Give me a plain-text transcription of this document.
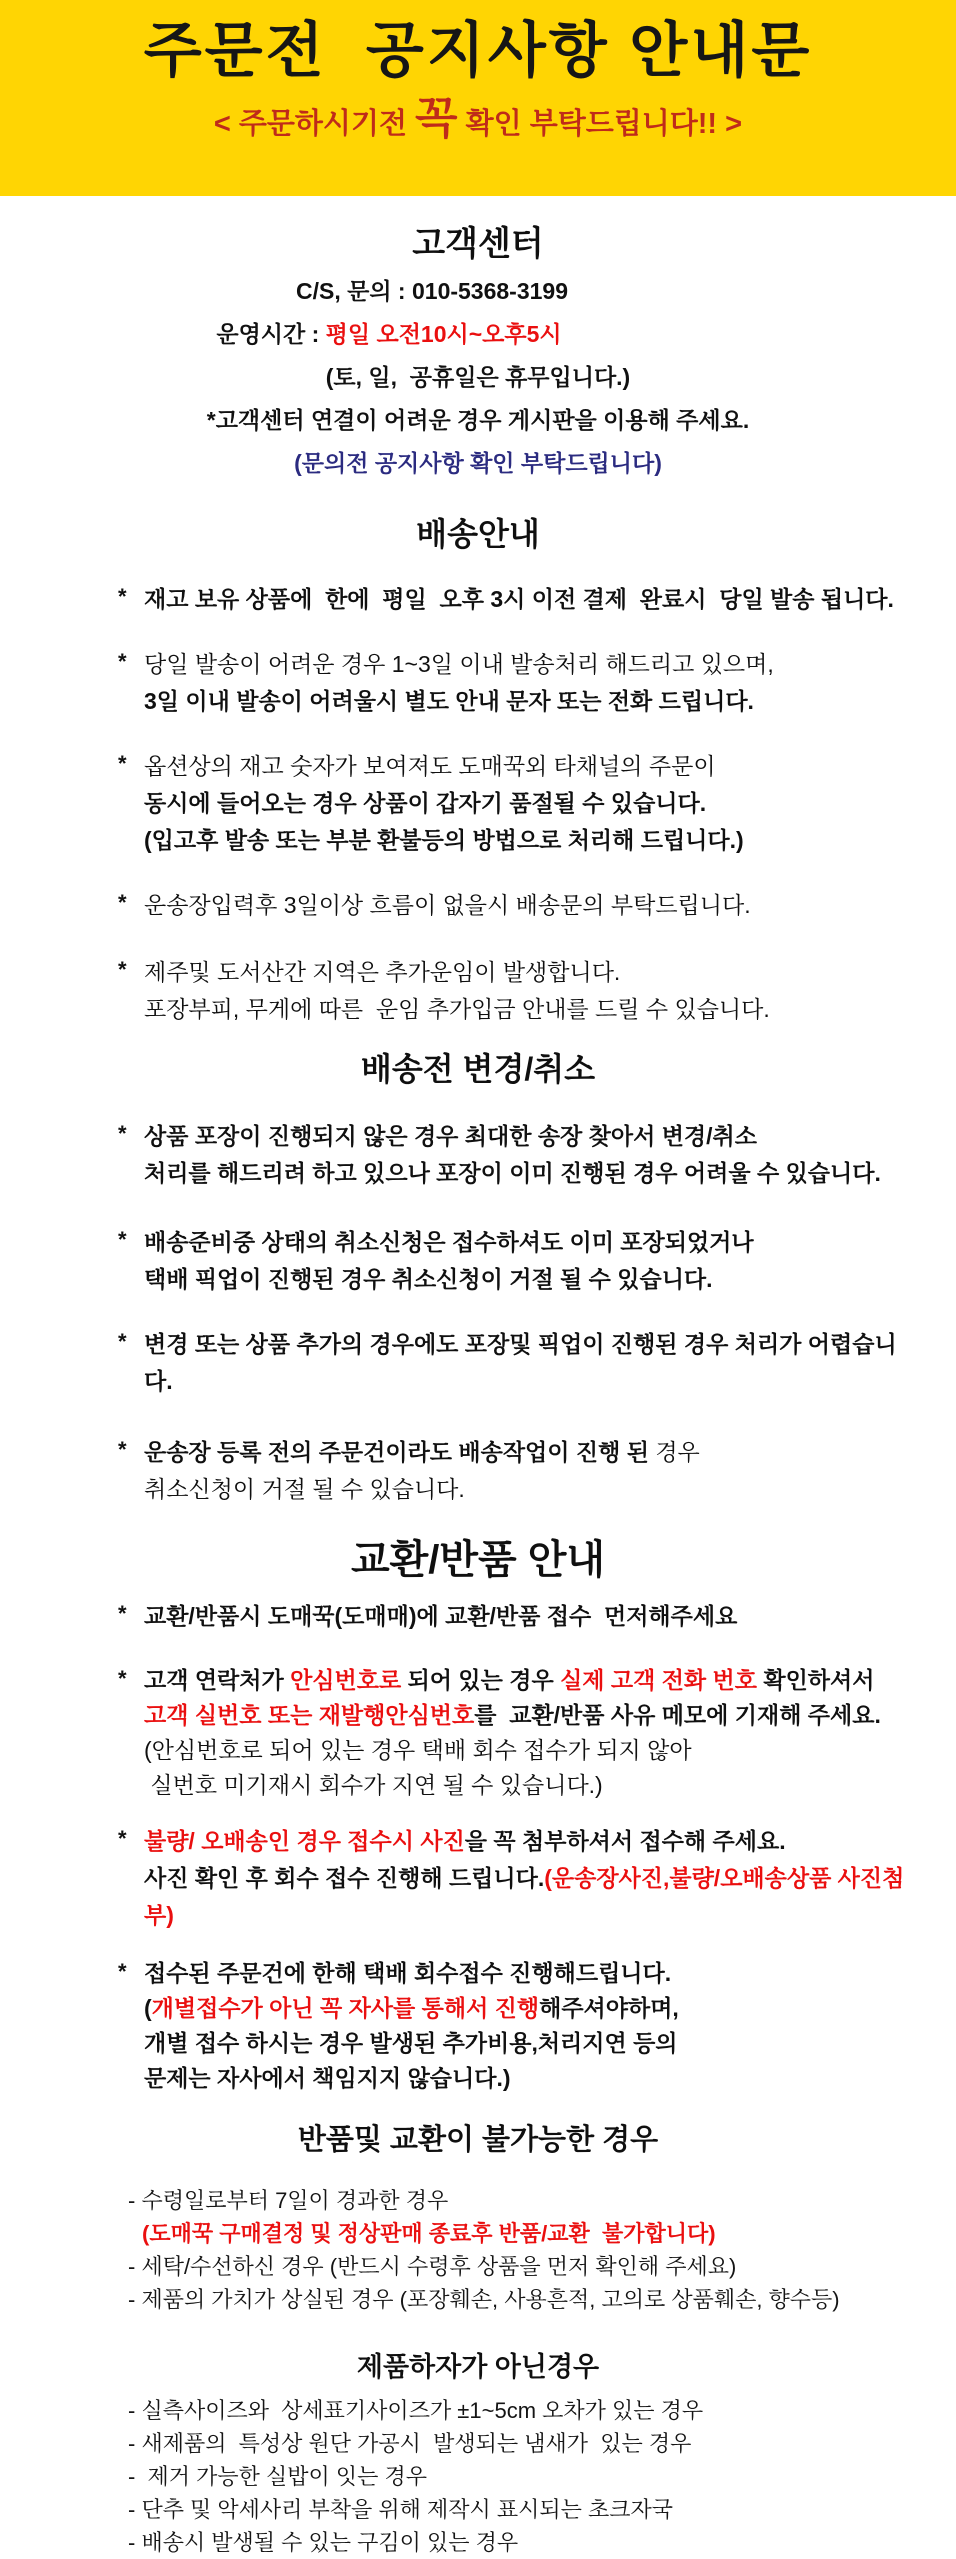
주문전  공지사항 안내문
< 주문하시기전 꼭 확인 부탁드립니다!! >
고객센터
C/S, 문의 : 010-5368-3199
운영시간 : 평일 오전10시~오후5시
(토, 일,  공휴일은 휴무입니다.)
*고객센터 연결이 어려운 경우 게시판을 이용해 주세요.
(문의전 공지사항 확인 부탁드립니다)
배송안내
* 재고 보유 상품에  한에  평일  오후 3시 이전 결제  완료시  당일 발송 됩니다.
* 당일 발송이 어려운 경우 1~3일 이내 발송처리 해드리고 있으며,
3일 이내 발송이 어려울시 별도 안내 문자 또는 전화 드립니다.
* 옵션상의 재고 숫자가 보여져도 도매꾹외 타채널의 주문이
동시에 들어오는 경우 상품이 갑자기 품절될 수 있습니다.
(입고후 발송 또는 부분 환불등의 방법으로 처리해 드립니다.)
* 운송장입력후 3일이상 흐름이 없을시 배송문의 부탁드립니다.
* 제주및 도서산간 지역은 추가운임이 발생합니다.
포장부피, 무게에 따른  운임 추가입금 안내를 드릴 수 있습니다.
배송전 변경/취소
* 상품 포장이 진행되지 않은 경우 최대한 송장 찾아서 변경/취소
처리를 해드리려 하고 있으나 포장이 이미 진행된 경우 어려울 수 있습니다.
* 배송준비중 상태의 취소신청은 접수하셔도 이미 포장되었거나
택배 픽업이 진행된 경우 취소신청이 거절 될 수 있습니다.
* 변경 또는 상품 추가의 경우에도 포장및 픽업이 진행된 경우 처리가 어렵습니다.
* 운송장 등록 전의 주문건이라도 배송작업이 진행 된 경우
취소신청이 거절 될 수 있습니다.
교환/반품 안내
* 교환/반품시 도매꾹(도매매)에 교환/반품 접수  먼저해주세요
* 고객 연락처가 안심번호로 되어 있는 경우 실제 고객 전화 번호 확인하셔서
고객 실번호 또는 재발행안심번호를  교환/반품 사유 메모에 기재해 주세요.
(안심번호로 되어 있는 경우 택배 회수 접수가 되지 않아
실번호 미기재시 회수가 지연 될 수 있습니다.)
* 불량/ 오배송인 경우 접수시 사진을 꼭 첨부하셔서 접수해 주세요.
사진 확인 후 회수 접수 진행해 드립니다.(운송장사진,불량/오배송상품 사진첨부)
* 접수된 주문건에 한해 택배 회수접수 진행해드립니다.
(개별접수가 아닌 꼭 자사를 통해서 진행해주셔야하며,
개별 접수 하시는 경우 발생된 추가비용,처리지연 등의
문제는 자사에서 책임지지 않습니다.)
반품및 교환이 불가능한 경우
- 수령일로부터 7일이 경과한 경우
(도매꾹 구매결정 및 정상판매 종료후 반품/교환  불가합니다)
- 세탁/수선하신 경우 (반드시 수령후 상품을 먼저 확인해 주세요)
- 제품의 가치가 상실된 경우 (포장훼손, 사용흔적, 고의로 상품훼손, 향수등)
제품하자가 아닌경우
- 실측사이즈와  상세표기사이즈가 ±1~5cm 오차가 있는 경우
- 새제품의  특성상 원단 가공시  발생되는 냄새가  있는 경우
-  제거 가능한 실밥이 잇는 경우
- 단추 및 악세사리 부착을 위해 제작시 표시되는 초크자국
- 배송시 발생될 수 있는 구김이 있는 경우
